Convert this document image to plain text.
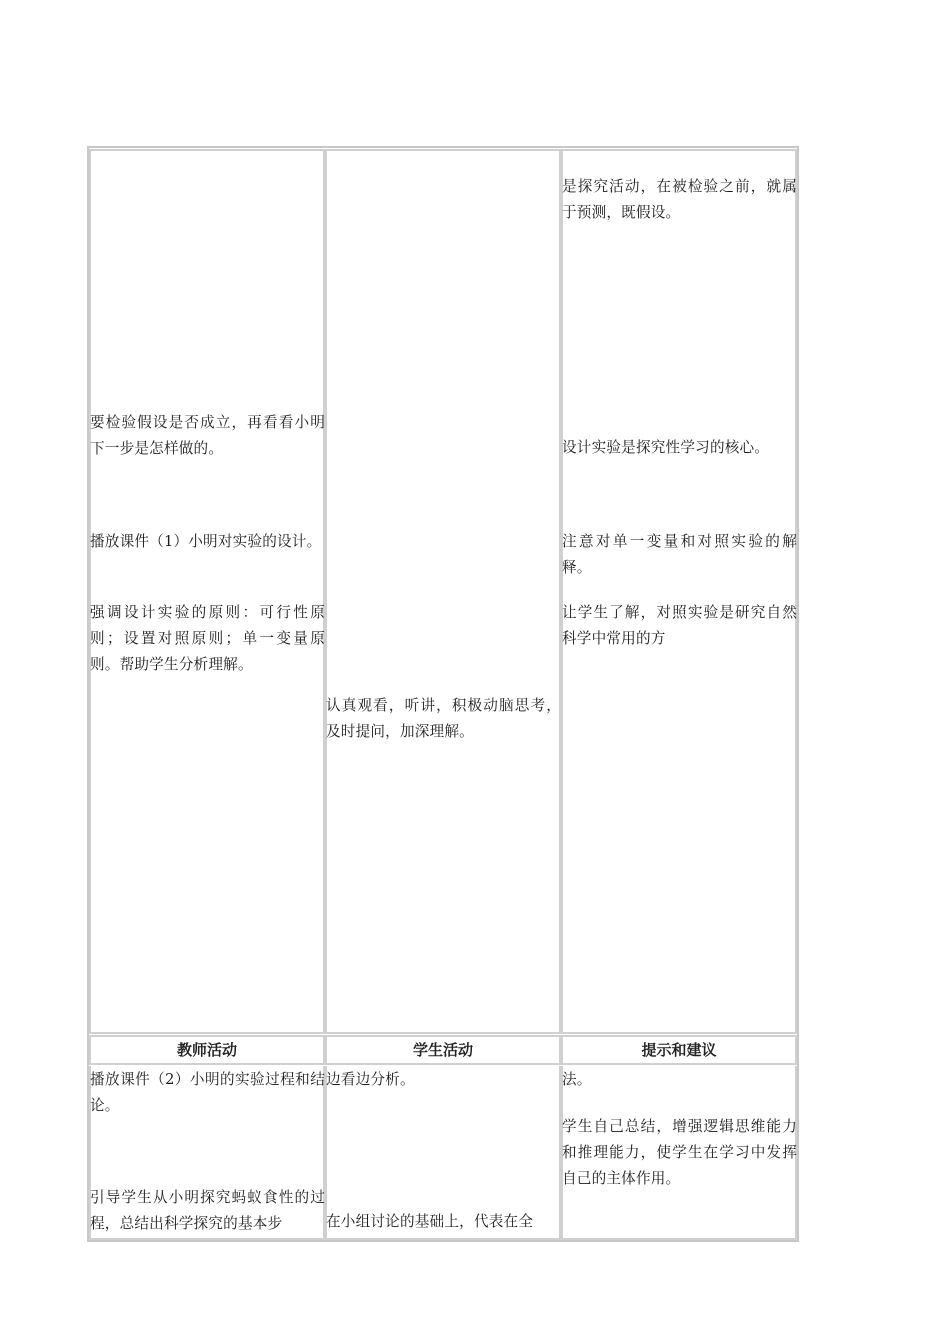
教师活动	学生活动	提示和建议

要检验假设是否成立，再看看小明下一步是怎样做的。

播放课件（1）小明对实验的设计。

强调设计实验的原则：可行性原则；设置对照原则；单一变量原则。帮助学生分析理解。

认真观看，听讲，积极动脑思考，及时提问，加深理解。

是探究活动，在被检验之前，就属于预测，既假设。

设计实验是探究性学习的核心。

注意对单一变量和对照实验的解释。

让学生了解，对照实验是研究自然科学中常用的方

播放课件（2）小明的实验过程和结论。

引导学生从小明探究蚂蚁食性的过程，总结出科学探究的基本步

边看边分析。

在小组讨论的基础上，代表在全

法。

学生自己总结，增强逻辑思维能力和推理能力，使学生在学习中发挥自己的主体作用。
